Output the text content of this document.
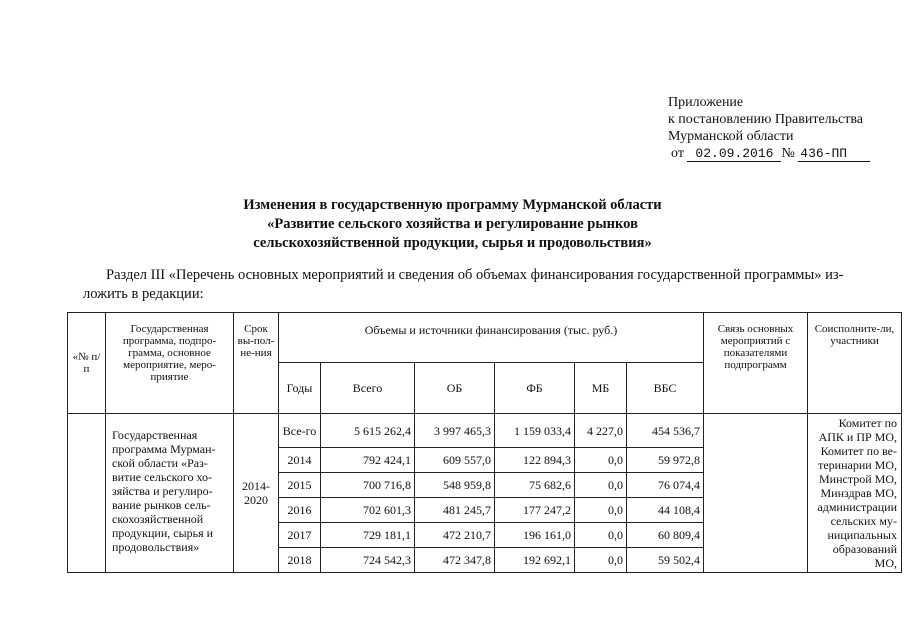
Приложение
к постановлению Правительства
Мурманской области
от 02.09.2016 № 436-ПП
Изменения в государственную программу Мурманской области
«Развитие сельского хозяйства и регулирование рынков
сельскохозяйственной продукции, сырья и продовольствия»
Раздел III «Перечень основных мероприятий и сведения об объемах финансирования государственной программы» из-
ложить в редакции:
«№ п/п	Государственная программа, подпро-грамма, основное мероприятие, меро-приятие	Срок вы-пол-не-ния	Объемы и источники финансирования (тыс. руб.)						Связь основных мероприятий с показателями подпрограмм	Соисполните-ли, участники
			Годы	Всего	ОБ	ФБ	МБ	ВБС		
	Государственная программа Мурман-ской области «Раз-витие сельского хо-зяйства и регулиро-вание рынков сель-скохозяйственной продукции, сырья и продовольствия»	2014-2020	Все-го	5 615 262,4	3 997 465,3	1 159 033,4	4 227,0	454 536,7		Комитет по АПК и ПР МО, Комитет по ве-теринарии МО, Минстрой МО, Минздрав МО, администрации сельских му-ниципальных образований МО,
			2014	792 424,1	609 557,0	122 894,3	0,0	59 972,8		
			2015	700 716,8	548 959,8	75 682,6	0,0	76 074,4		
			2016	702 601,3	481 245,7	177 247,2	0,0	44 108,4		
			2017	729 181,1	472 210,7	196 161,0	0,0	60 809,4		
			2018	724 542,3	472 347,8	192 692,1	0,0	59 502,4		
